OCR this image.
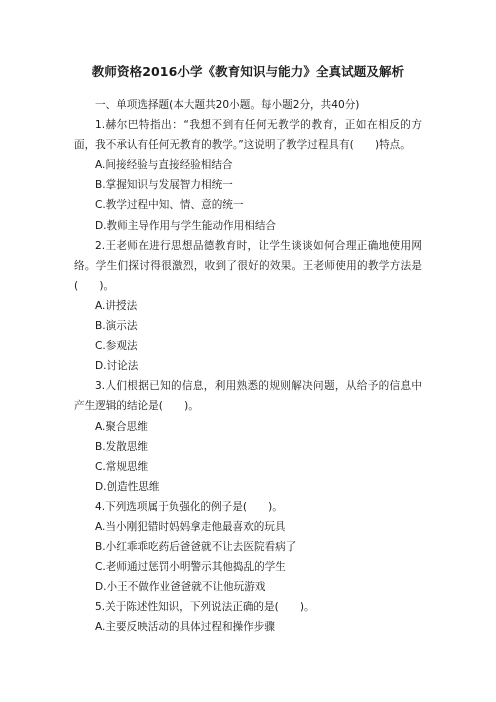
教师资格2016小学《教育知识与能力》全真试题及解析

一、单项选择题(本大题共20小题。每小题2分，共40分)

1.赫尔巴特指出：“我想不到有任何无教学的教育，正如在相反的方面，我不承认有任何无教育的教学。”这说明了教学过程具有(　　)特点。

A.间接经验与直接经验相结合

B.掌握知识与发展智力相统一

C.教学过程中知、情、意的统一

D.教师主导作用与学生能动作用相结合

2.王老师在进行思想品德教育时，让学生谈谈如何合理正确地使用网络。学生们探讨得很激烈，收到了很好的效果。王老师使用的教学方法是(　　)。

A.讲授法

B.演示法

C.参观法

D.讨论法

3.人们根据已知的信息，利用熟悉的规则解决问题，从给予的信息中产生逻辑的结论是(　　)。

A.聚合思维

B.发散思维

C.常规思维

D.创造性思维

4.下列选项属于负强化的例子是(　　)。

A.当小刚犯错时妈妈拿走他最喜欢的玩具

B.小红乖乖吃药后爸爸就不让去医院看病了

C.老师通过惩罚小明警示其他捣乱的学生

D.小王不做作业爸爸就不让他玩游戏

5.关于陈述性知识，下列说法正确的是(　　)。

A.主要反映活动的具体过程和操作步骤
